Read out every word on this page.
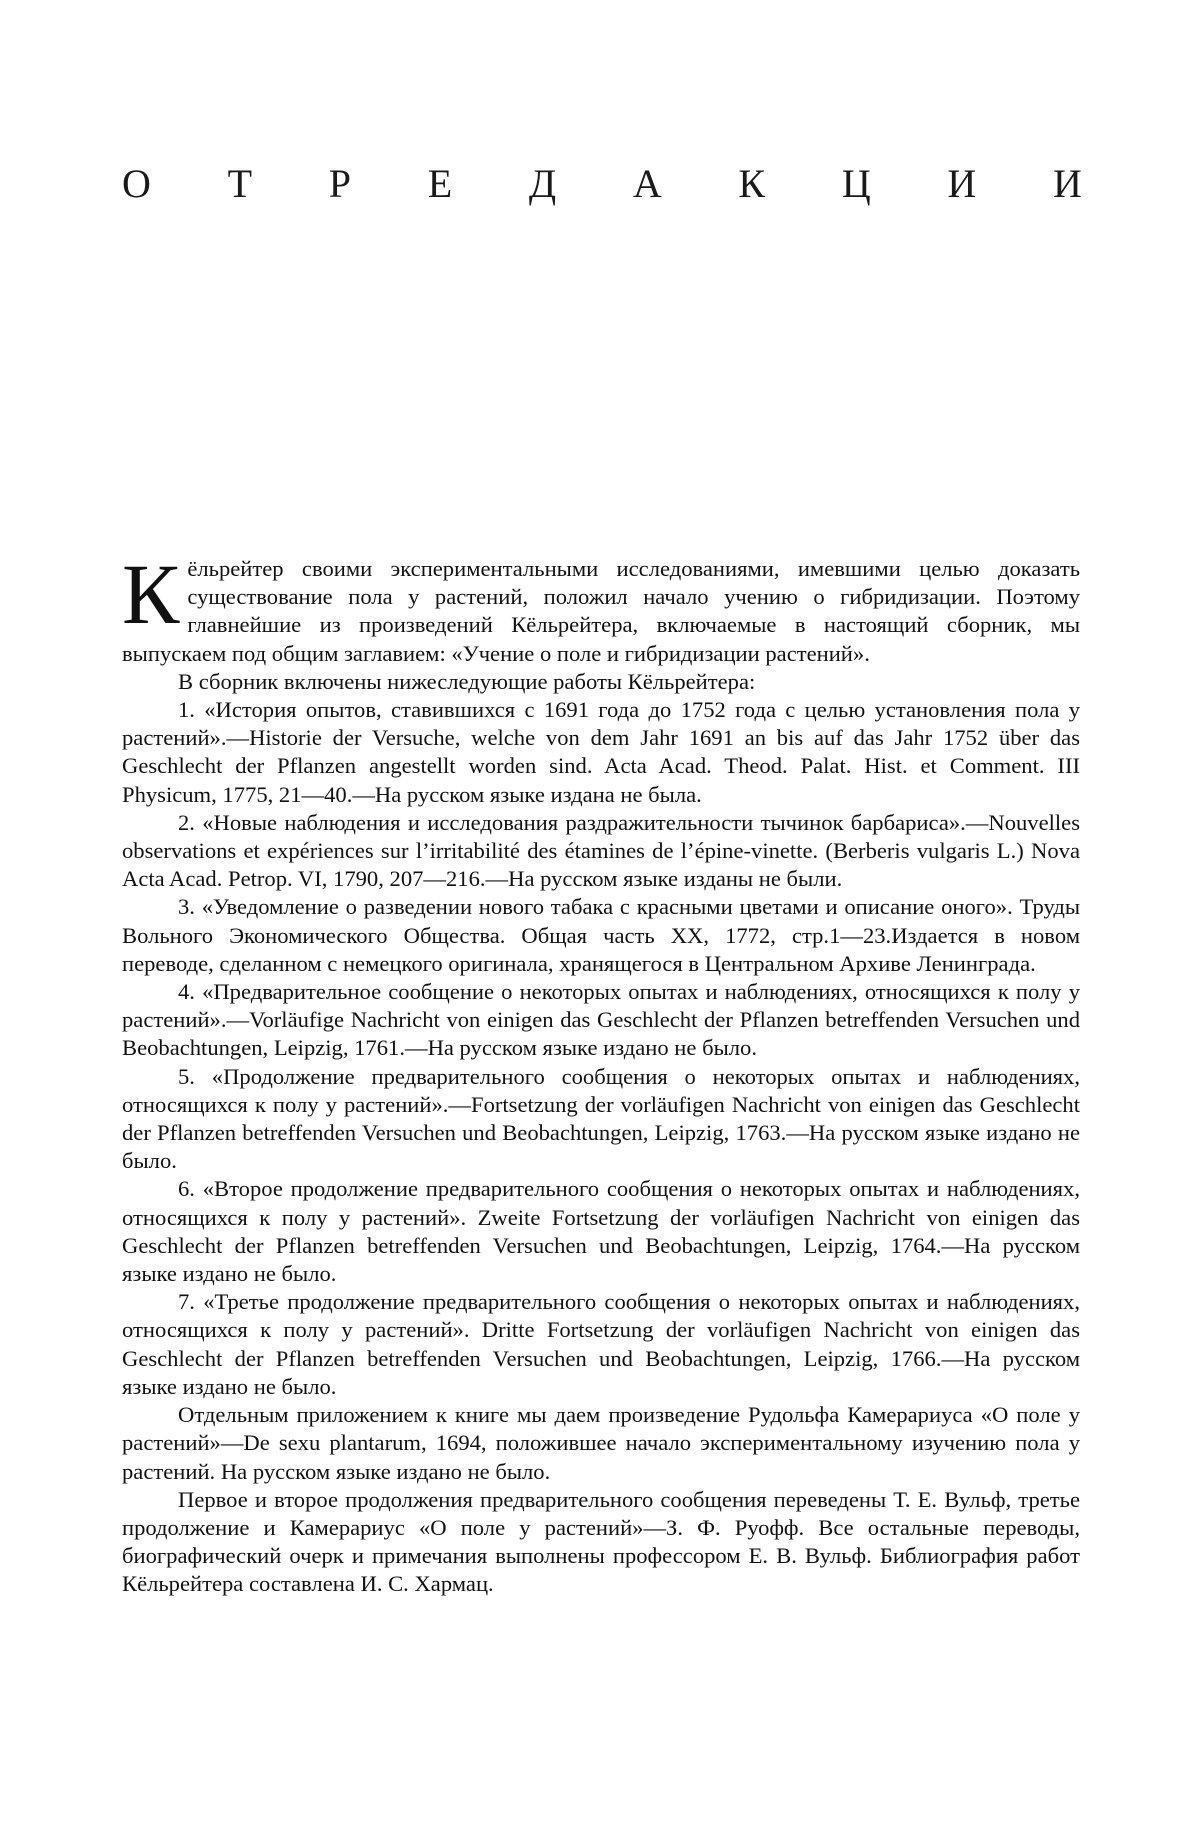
О Т Р Е Д А К Ц И И

Кёльрейтер своими экспериментальными исследованиями, имевшими целью доказать существование пола у растений, положил начало учению о гибридизации. Поэтому главнейшие из произведений Кёльрейтера, включаемые в настоящий сборник, мы выпускаем под общим заглавием: «Учение о поле и гибридизации растений».

В сборник включены нижеследующие работы Кёльрейтера:

1. «История опытов, ставившихся с 1691 года до 1752 года с целью установления пола у растений».—Historie der Versuche, welche von dem Jahr 1691 an bis auf das Jahr 1752 über das Geschlecht der Pflanzen angestellt worden sind. Acta Acad. Theod. Palat. Hist. et Comment. III Physicum, 1775, 21—40.—На русском языке издана не была.

2. «Новые наблюдения и исследования раздражительности тычинок барбариса».—Nouvelles observations et expériences sur l’irritabilité des étamines de l’épine-vinette. (Berberis vulgaris L.) Nova Acta Acad. Petrop. VI, 1790, 207—216.—На русском языке изданы не были.

3. «Уведомление о разведении нового табака с красными цветами и описание оного». Труды Вольного Экономического Общества. Общая часть XX, 1772, стр.1—23.Издается в новом переводе, сделанном с немецкого оригинала, хранящегося в Центральном Архиве Ленинграда.

4. «Предварительное сообщение о некоторых опытах и наблюдениях, относящихся к полу у растений».—Vorläufige Nachricht von einigen das Geschlecht der Pflanzen betreffenden Versuchen und Beobachtungen, Leipzig, 1761.—На русском языке издано не было.

5. «Продолжение предварительного сообщения о некоторых опытах и наблюдениях, относящихся к полу у растений».—Fortsetzung der vorläufigen Nachricht von einigen das Geschlecht der Pflanzen betreffenden Versuchen und Beobachtungen, Leipzig, 1763.—На русском языке издано не было.

6. «Второе продолжение предварительного сообщения о некоторых опытах и наблюдениях, относящихся к полу у растений». Zweite Fortsetzung der vorläufigen Nachricht von einigen das Geschlecht der Pflanzen betreffenden Versuchen und Beobachtungen, Leipzig, 1764.—На русском языке издано не было.

7. «Третье продолжение предварительного сообщения о некоторых опытах и наблюдениях, относящихся к полу у растений». Dritte Fortsetzung der vorläufigen Nachricht von einigen das Geschlecht der Pflanzen betreffenden Versuchen und Beobachtungen, Leipzig, 1766.—На русском языке издано не было.

Отдельным приложением к книге мы даем произведение Рудольфа Камерариуса «О поле у растений»—De sexu plantarum, 1694, положившее начало экспериментальному изучению пола у растений. На русском языке издано не было.

Первое и второе продолжения предварительного сообщения переведены Т. Е. Вульф, третье продолжение и Камерариус «О поле у растений»—З. Ф. Руофф. Все остальные переводы, биографический очерк и примечания выполнены профессором Е. В. Вульф. Библиография работ Кёльрейтера составлена И. С. Хармац.
